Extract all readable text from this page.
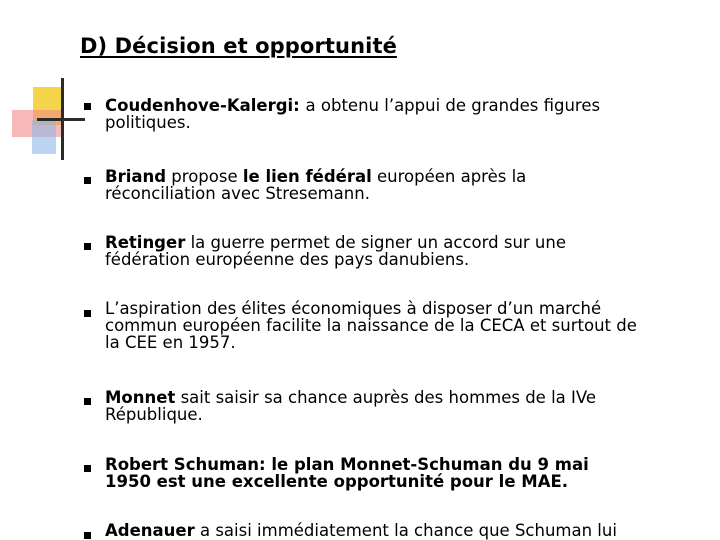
D) Décision et opportunité
Coudenhove-Kalergi: a obtenu l’appui de grandes figures
politiques.
Briand propose le lien fédéral européen après la
réconciliation avec Stresemann.
Retinger la guerre permet de signer un accord sur une
fédération européenne des pays danubiens.
L’aspiration des élites économiques à disposer d’un marché
commun européen facilite la naissance de la CECA et surtout de
la CEE en 1957.
Monnet sait saisir sa chance auprès des hommes de la IVe
République.
Robert Schuman: le plan Monnet-Schuman du 9 mai
1950 est une excellente opportunité pour le MAE.
Adenauer a saisi immédiatement la chance que Schuman lui
